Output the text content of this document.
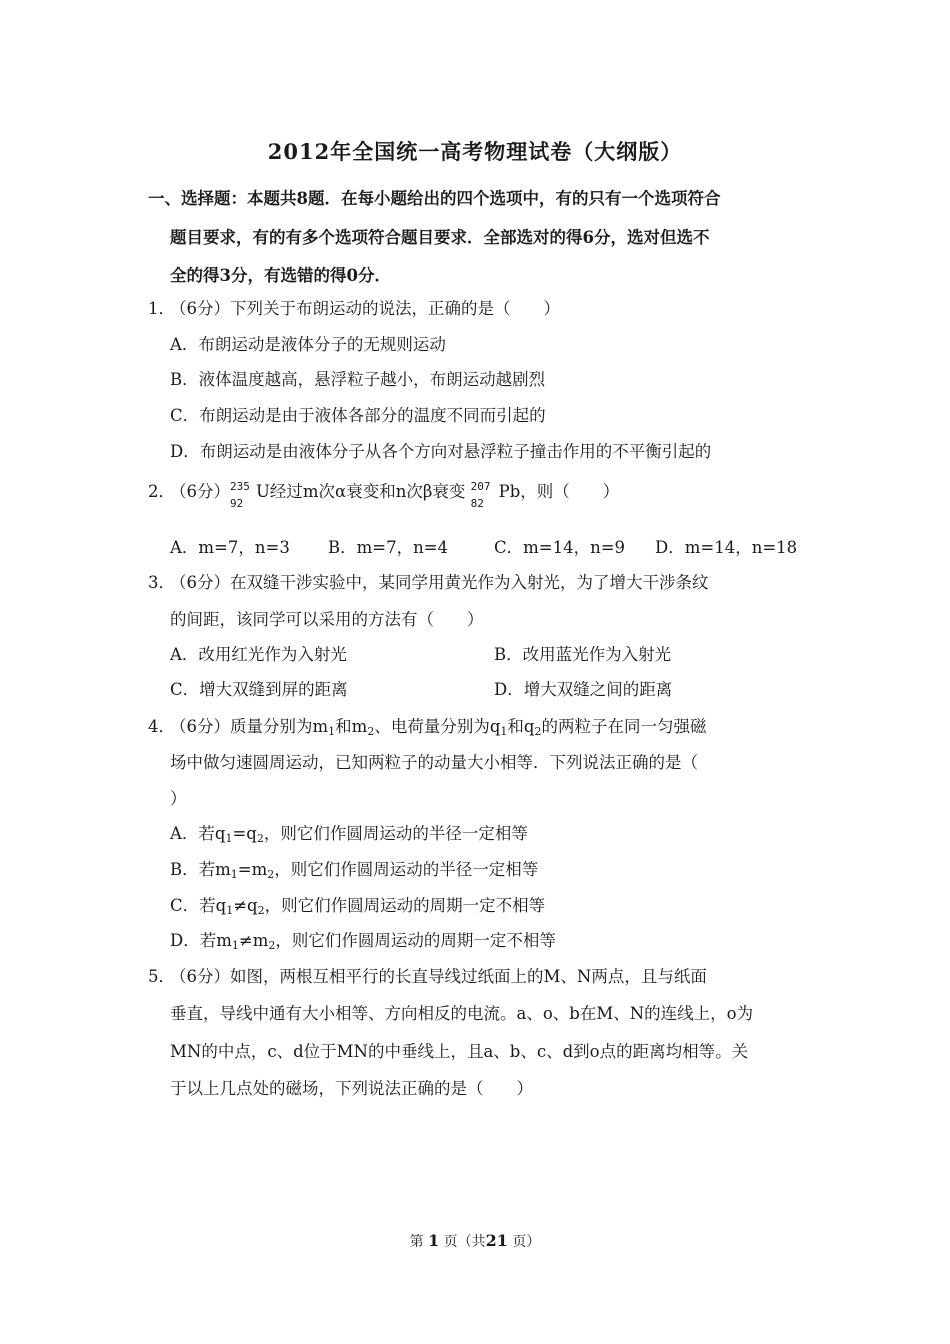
2012年全国统一高考物理试卷（大纲版）
一、选择题：本题共8题．在每小题给出的四个选项中，有的只有一个选项符合
题目要求，有的有多个选项符合题目要求．全部选对的得6分，选对但选不
全的得3分，有选错的得0分．
1．
（6分）下列关于布朗运动的说法，正确的是（　　）
A．布朗运动是液体分子的无规则运动
B．液体温度越高，悬浮粒子越小，布朗运动越剧烈
C．布朗运动是由于液体各部分的温度不同而引起的
D．布朗运动是由液体分子从各个方向对悬浮粒子撞击作用的不平衡引起的
2．
（6分） 235
92
U经过m次α衰变和n次β衰变 207
82
Pb，则（　　）
A．m=7，n=3 B．m=7，n=4	C．m=14，n=9 D．m=14，n=18
3．
（6分）在双缝干涉实验中，某同学用黄光作为入射光，为了增大干涉条纹
的间距，该同学可以采用的方法有（　　）
A．改用红光作为入射光	B．改用蓝光作为入射光
C．增大双缝到屏的距离	D．增大双缝之间的距离
4．
（6分）质量分别为$m_1$和$m_2$、电荷量分别为$q_1$和$q_2$的两粒子在同一匀强磁
场中做匀速圆周运动，已知两粒子的动量大小相等．下列说法正确的是（
）
A．若$q_1=q_2$，则它们作圆周运动的半径一定相等
B．若$m_1=m_2$，则它们作圆周运动的半径一定相等
C．若$q_1\ne q_2$，则它们作圆周运动的周期一定不相等
D．若$m_1\ne m_2$，则它们作圆周运动的周期一定不相等
5．
（6分）如图，两根互相平行的长直导线过纸面上的M、N两点，且与纸面
垂直，导线中通有大小相等、方向相反的电流。a、o、b在M、N的连线上，o为
MN的中点，c、d位于MN的中垂线上，且a、b、c、d到o点的距离均相等。关
于以上几点处的磁场，下列说法正确的是（　　）
第 1 页（共21 页）
